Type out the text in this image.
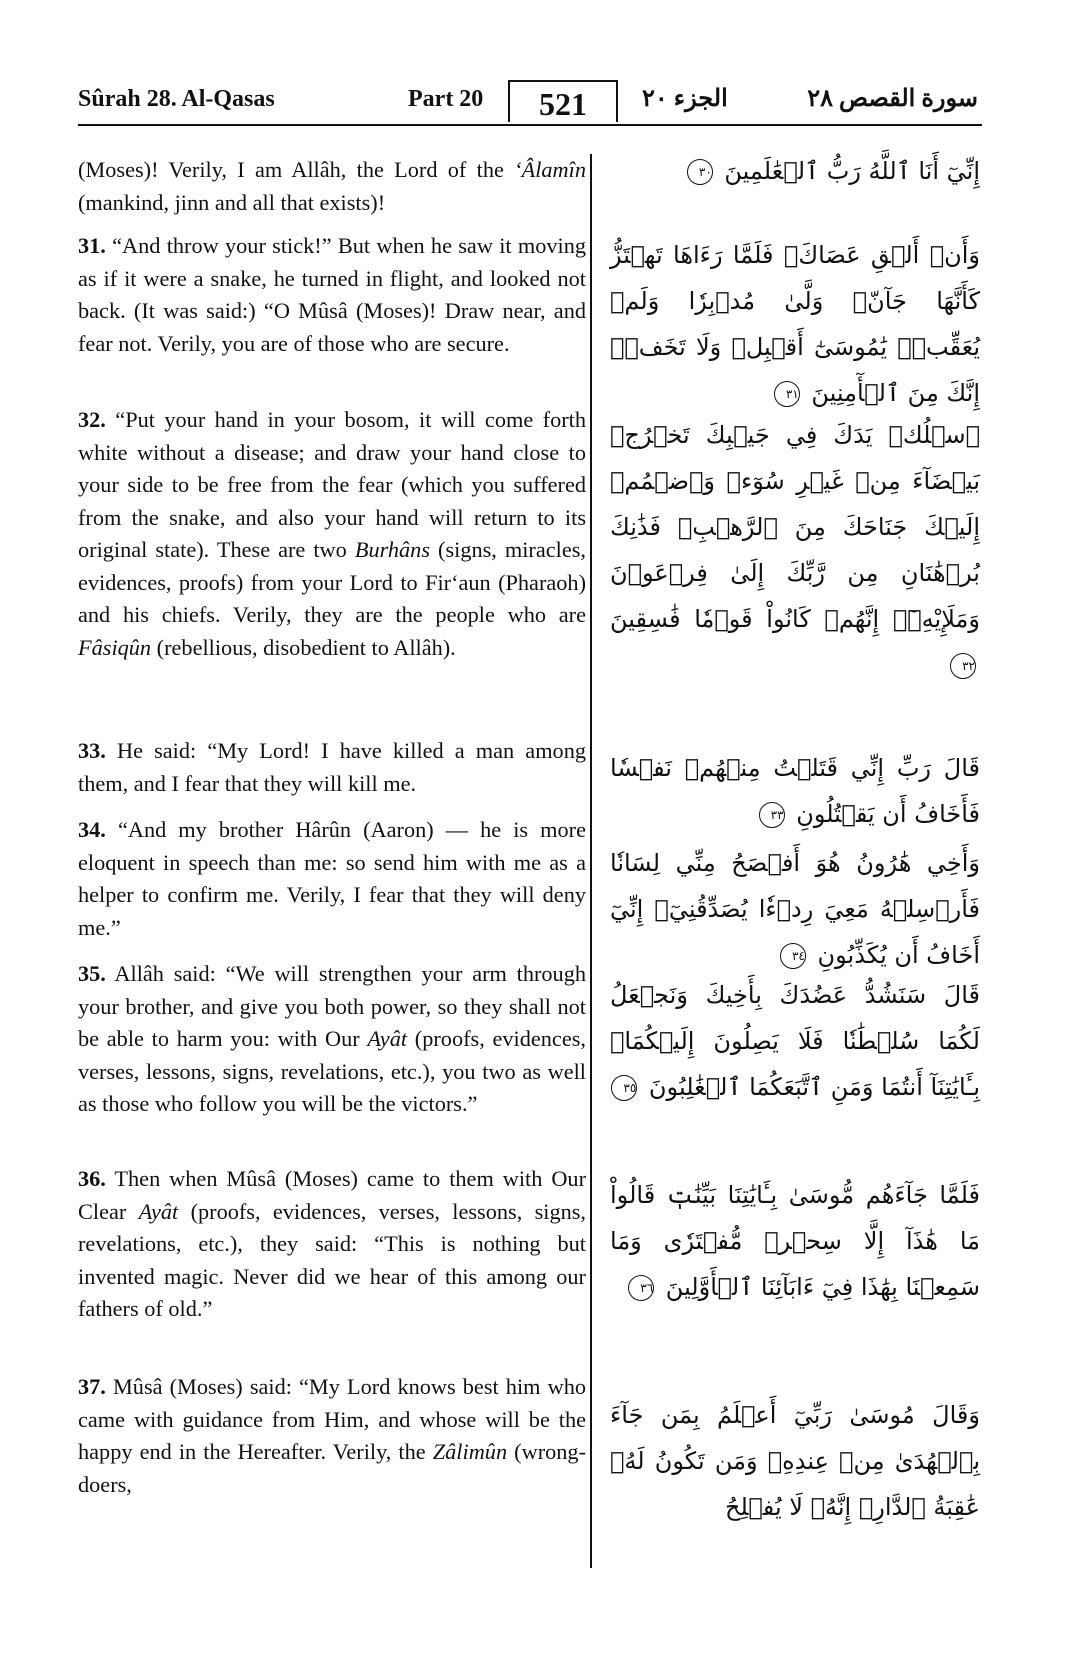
Sûrah 28. Al-Qasas	Part 20	521	الجزء ٢٠	سورة القصص ٢٨

(Moses)! Verily, I am Allâh, the Lord of the ‘Âlamîn (mankind, jinn and all that exists)!

31. “And throw your stick!” But when he saw it moving as if it were a snake, he turned in flight, and looked not back. (It was said:) “O Mûsâ (Moses)! Draw near, and fear not. Verily, you are of those who are secure.

32. “Put your hand in your bosom, it will come forth white without a disease; and draw your hand close to your side to be free from the fear (which you suffered from the snake, and also your hand will return to its original state). These are two Burhâns (signs, miracles, evidences, proofs) from your Lord to Fir‘aun (Pharaoh) and his chiefs. Verily, they are the people who are Fâsiqûn (rebellious, disobedient to Allâh).

33. He said: “My Lord! I have killed a man among them, and I fear that they will kill me.

34. “And my brother Hârûn (Aaron) — he is more eloquent in speech than me: so send him with me as a helper to confirm me. Verily, I fear that they will deny me.”

35. Allâh said: “We will strengthen your arm through your brother, and give you both power, so they shall not be able to harm you: with Our Ayât (proofs, evidences, verses, lessons, signs, revelations, etc.), you two as well as those who follow you will be the victors.”

36. Then when Mûsâ (Moses) came to them with Our Clear Ayât (proofs, evidences, verses, lessons, signs, revelations, etc.), they said: “This is nothing but invented magic. Never did we hear of this among our fathers of old.”

37. Mûsâ (Moses) said: “My Lord knows best him who came with guidance from Him, and whose will be the happy end in the Hereafter. Verily, the Zâlimûn (wrong-doers,

إِنِّيٓ أَنَا ٱللَّهُ رَبُّ ٱلۡعَٰلَمِينَ ٣٠

وَأَنۡ أَلۡقِ عَصَاكَۚ فَلَمَّا رَءَاهَا تَهۡتَزُّ كَأَنَّهَا جَآنّٞ وَلَّىٰ مُدۡبِرٗا وَلَمۡ يُعَقِّبۡۚ يَٰمُوسَىٰٓ أَقۡبِلۡ وَلَا تَخَفۡۖ إِنَّكَ مِنَ ٱلۡأٓمِنِينَ ٣١

ٱسۡلُكۡ يَدَكَ فِي جَيۡبِكَ تَخۡرُجۡ بَيۡضَآءَ مِنۡ غَيۡرِ سُوٓءٖ وَٱضۡمُمۡ إِلَيۡكَ جَنَاحَكَ مِنَ ٱلرَّهۡبِۖ فَذَٰنِكَ بُرۡهَٰنَانِ مِن رَّبِّكَ إِلَىٰ فِرۡعَوۡنَ وَمَلَإِيْهِۦٓۚ إِنَّهُمۡ كَانُواْ قَوۡمٗا فَٰسِقِينَ ٣٢

قَالَ رَبِّ إِنِّي قَتَلۡتُ مِنۡهُمۡ نَفۡسٗا فَأَخَافُ أَن يَقۡتُلُونِ ٣٣

وَأَخِي هَٰرُونُ هُوَ أَفۡصَحُ مِنِّي لِسَانٗا فَأَرۡسِلۡهُ مَعِيَ رِدۡءٗا يُصَدِّقُنِيٓۖ إِنِّيٓ أَخَافُ أَن يُكَذِّبُونِ ٣٤

قَالَ سَنَشُدُّ عَضُدَكَ بِأَخِيكَ وَنَجۡعَلُ لَكُمَا سُلۡطَٰنٗا فَلَا يَصِلُونَ إِلَيۡكُمَاۚ بِـَٔايَٰتِنَآ أَنتُمَا وَمَنِ ٱتَّبَعَكُمَا ٱلۡغَٰلِبُونَ ٣٥

فَلَمَّا جَآءَهُم مُّوسَىٰ بِـَٔايَٰتِنَا بَيِّنَٰتٖ قَالُواْ مَا هَٰذَآ إِلَّا سِحۡرٞ مُّفۡتَرٗى وَمَا سَمِعۡنَا بِهَٰذَا فِيٓ ءَابَآئِنَا ٱلۡأَوَّلِينَ ٣٦

وَقَالَ مُوسَىٰ رَبِّيٓ أَعۡلَمُ بِمَن جَآءَ بِٱلۡهُدَىٰ مِنۡ عِندِهِۦ وَمَن تَكُونُ لَهُۥ عَٰقِبَةُ ٱلدَّارِۚ إِنَّهُۥ لَا يُفۡلِحُ
